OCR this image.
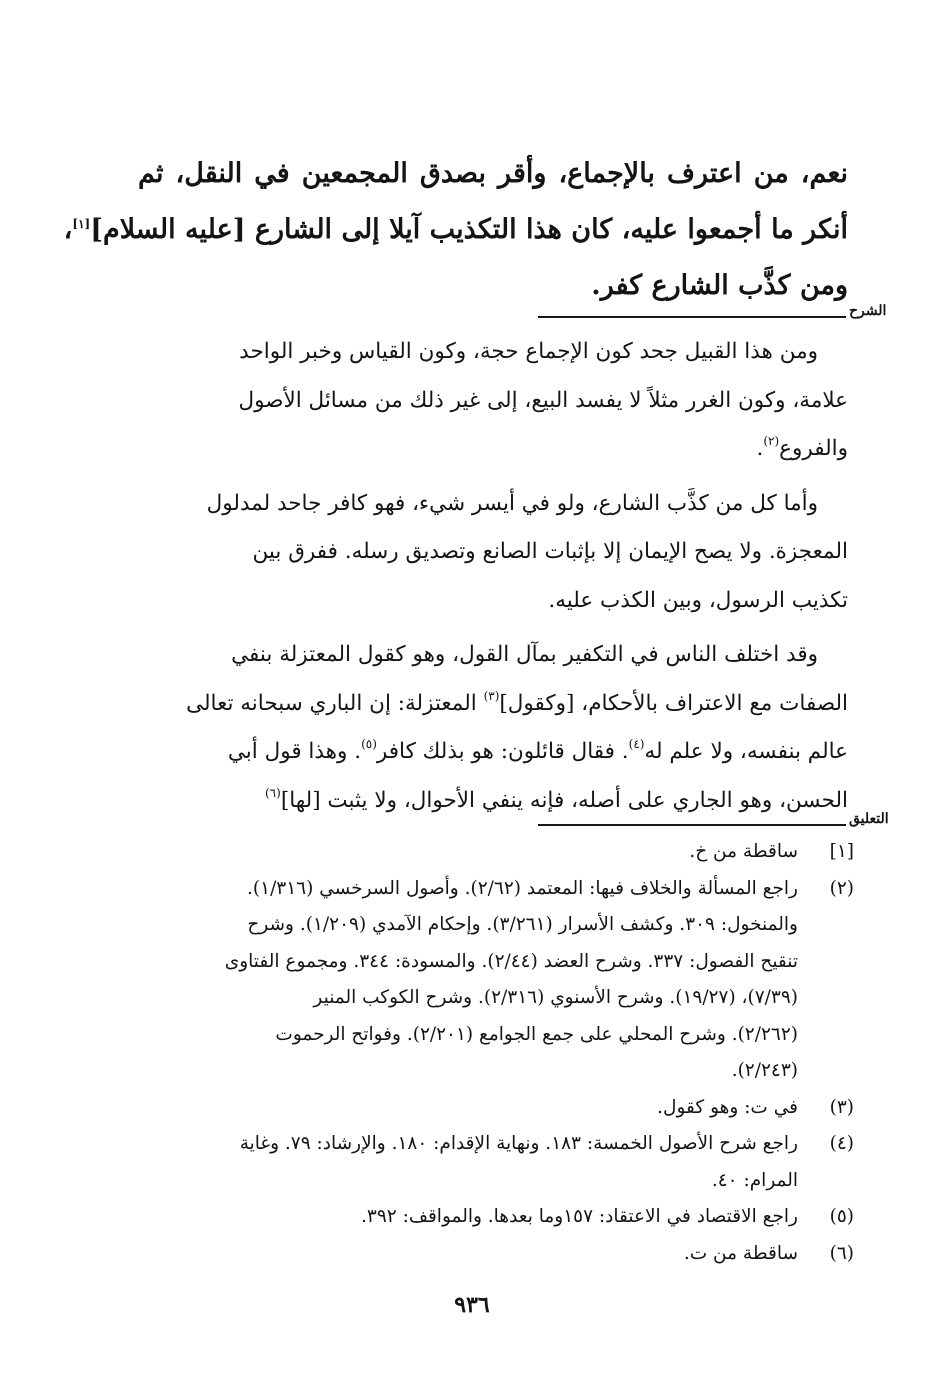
نعم، من اعترف بالإجماع، وأقر بصدق المجمعين في النقل، ثم
أنكر ما أجمعوا عليه، كان هذا التكذيب آيلا إلى الشارع [عليه السلام][١]،
ومن كذَّب الشارع كفر.
الشرح
ومن هذا القبيل جحد كون الإجماع حجة، وكون القياس وخبر الواحد
علامة، وكون الغرر مثلاً لا يفسد البيع، إلى غير ذلك من مسائل الأصول
والفروع$^{(٢)}$.
وأما كل من كذَّب الشارع، ولو في أيسر شيء، فهو كافر جاحد لمدلول
المعجزة. ولا يصح الإيمان إلا بإثبات الصانع وتصديق رسله. ففرق بين
تكذيب الرسول، وبين الكذب عليه.
وقد اختلف الناس في التكفير بمآل القول، وهو كقول المعتزلة بنفي
الصفات مع الاعتراف بالأحكام، [وكقول]$^{(٣)}$ المعتزلة: إن الباري سبحانه تعالى
عالم بنفسه، ولا علم له$^{(٤)}$. فقال قائلون: هو بذلك كافر$^{(٥)}$. وهذا قول أبي
الحسن، وهو الجاري على أصله، فإنه ينفي الأحوال، ولا يثبت [لها]$^{(٦)}$
التعليق
[١]
ساقطة من خ.
(٢)
راجع المسألة والخلاف فيها: المعتمد (٢/٦٢). وأصول السرخسي (١/٣١٦).
والمنخول: ٣٠٩. وكشف الأسرار (٣/٢٦١). وإحكام الآمدي (١/٢٠٩). وشرح
تنقيح الفصول: ٣٣٧. وشرح العضد (٢/٤٤). والمسودة: ٣٤٤. ومجموع الفتاوى
(٧/٣٩)، (١٩/٢٧). وشرح الأسنوي (٢/٣١٦). وشرح الكوكب المنير
(٢/٢٦٢). وشرح المحلي على جمع الجوامع (٢/٢٠١). وفواتح الرحموت
(٢/٢٤٣).
(٣)
في ت: وهو كقول.
(٤)
راجع شرح الأصول الخمسة: ١٨٣. ونهاية الإقدام: ١٨٠. والإرشاد: ٧٩. وغاية
المرام: ٤٠.
(٥)
راجع الاقتصاد في الاعتقاد: ١٥٧وما بعدها. والمواقف: ٣٩٢.
(٦)
ساقطة من ت.
٩٣٦
